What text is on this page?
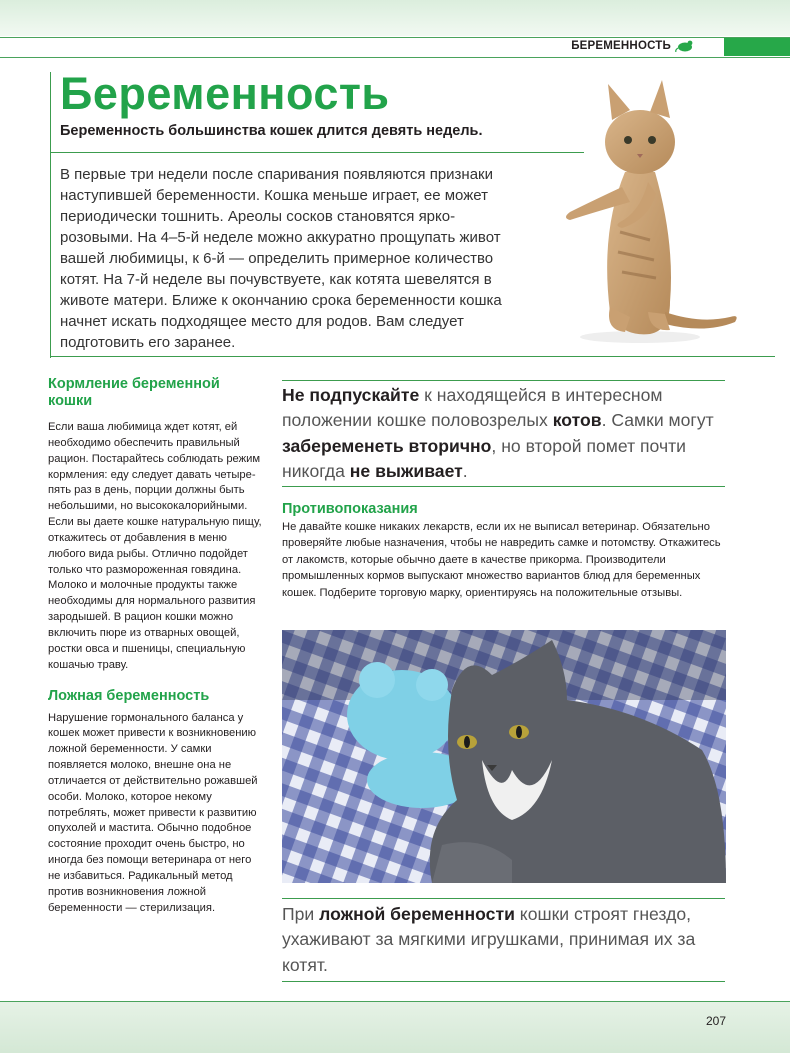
БЕРЕМЕННОСТЬ
Беременность
Беременность большинства кошек длится девять недель.

В первые три недели после спаривания появляются признаки наступившей беременности. Кошка меньше играет, ее может периодически тошнить. Ареолы сосков становятся ярко-розовыми. На 4–5-й неделе можно аккуратно прощупать живот вашей любимицы, к 6-й — определить примерное количество котят. На 7-й неделе вы почувствуете, как котята шевелятся в животе матери. Ближе к окончанию срока беременности кошка начнет искать подходящее место для родов. Вам следует подготовить его заранее.

Кормление беременной кошки

Если ваша любимица ждет котят, ей необходимо обеспечить правильный рацион. Постарайтесь соблюдать режим кормления: еду следует давать четыре-пять раз в день, порции должны быть небольшими, но высококалорийными. Если вы даете кошке натуральную пищу, откажитесь от добавления в меню любого вида рыбы. Отлично подойдет только что размороженная говядина. Молоко и молочные продукты также необходимы для нормального развития зародышей. В рацион кошки можно включить пюре из отварных овощей, ростки овса и пшеницы, специальную кошачью траву.

Ложная беременность

Нарушение гормонального баланса у кошек может привести к возникновению ложной беременности. У самки появляется молоко, внешне она не отличается от действительно рожавшей особи. Молоко, которое некому потреблять, может привести к развитию опухолей и мастита. Обычно подобное состояние проходит очень быстро, но иногда без помощи ветеринара от него не избавиться. Радикальный метод против возникновения ложной беременности — стерилизация.

Не подпускайте к находящейся в интересном положении кошке половозрелых котов. Самки могут забеременеть вторично, но второй помет почти никогда не выживает.

Противопоказания

Не давайте кошке никаких лекарств, если их не выписал ветеринар. Обязательно проверяйте любые назначения, чтобы не навредить самке и потомству. Откажитесь от лакомств, которые обычно даете в качестве прикорма. Производители промышленных кормов выпускают множество вариантов блюд для беременных кошек. Подберите торговую марку, ориентируясь на положительные отзывы.

При ложной беременности кошки строят гнездо, ухаживают за мягкими игрушками, принимая их за котят.

207
